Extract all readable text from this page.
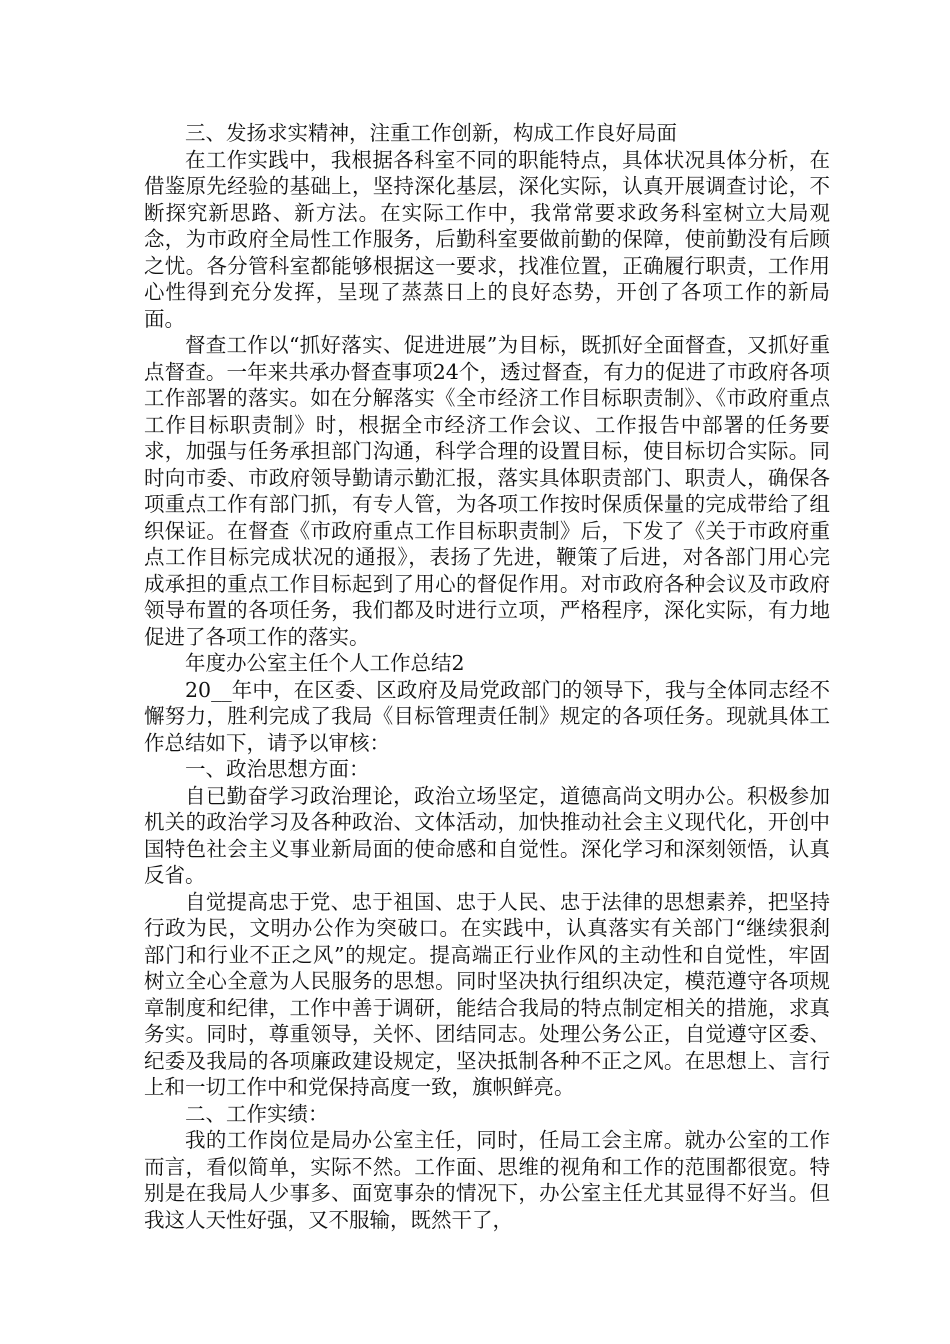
三、发扬求实精神，注重工作创新，构成工作良好局面

在工作实践中，我根据各科室不同的职能特点，具体状况具体分析，在借鉴原先经验的基础上，坚持深化基层，深化实际，认真开展调查讨论，不断探究新思路、新方法。在实际工作中，我常常要求政务科室树立大局观念，为市政府全局性工作服务，后勤科室要做前勤的保障，使前勤没有后顾之忧。各分管科室都能够根据这一要求，找准位置，正确履行职责，工作用心性得到充分发挥，呈现了蒸蒸日上的良好态势，开创了各项工作的新局面。

督查工作以“抓好落实、促进进展”为目标，既抓好全面督查，又抓好重点督查。一年来共承办督查事项24个，透过督查，有力的促进了市政府各项工作部署的落实。如在分解落实《全市经济工作目标职责制》、《市政府重点工作目标职责制》时，根据全市经济工作会议、工作报告中部署的任务要求，加强与任务承担部门沟通，科学合理的设置目标，使目标切合实际。同时向市委、市政府领导勤请示勤汇报，落实具体职责部门、职责人，确保各项重点工作有部门抓，有专人管，为各项工作按时保质保量的完成带给了组织保证。在督查《市政府重点工作目标职责制》后，下发了《关于市政府重点工作目标完成状况的通报》，表扬了先进，鞭策了后进，对各部门用心完成承担的重点工作目标起到了用心的督促作用。对市政府各种会议及市政府领导布置的各项任务，我们都及时进行立项，严格程序，深化实际，有力地促进了各项工作的落实。

年度办公室主任个人工作总结2

20__年中，在区委、区政府及局党政部门的领导下，我与全体同志经不懈努力，胜利完成了我局《目标管理责任制》规定的各项任务。现就具体工作总结如下，请予以审核：

一、政治思想方面：

自已勤奋学习政治理论，政治立场坚定，道德高尚文明办公。积极参加机关的政治学习及各种政治、文体活动，加快推动社会主义现代化，开创中国特色社会主义事业新局面的使命感和自觉性。深化学习和深刻领悟，认真反省。

自觉提高忠于党、忠于祖国、忠于人民、忠于法律的思想素养，把坚持行政为民，文明办公作为突破口。在实践中，认真落实有关部门“继续狠刹部门和行业不正之风”的规定。提高端正行业作风的主动性和自觉性，牢固树立全心全意为人民服务的思想。同时坚决执行组织决定，模范遵守各项规章制度和纪律，工作中善于调研，能结合我局的特点制定相关的措施，求真务实。同时，尊重领导，关怀、团结同志。处理公务公正，自觉遵守区委、纪委及我局的各项廉政建设规定，坚决抵制各种不正之风。在思想上、言行上和一切工作中和党保持高度一致，旗帜鲜亮。

二、工作实绩：

我的工作岗位是局办公室主任，同时，任局工会主席。就办公室的工作而言，看似简单，实际不然。工作面、思维的视角和工作的范围都很宽。特别是在我局人少事多、面宽事杂的情况下，办公室主任尤其显得不好当。但我这人天性好强，又不服输，既然干了，
